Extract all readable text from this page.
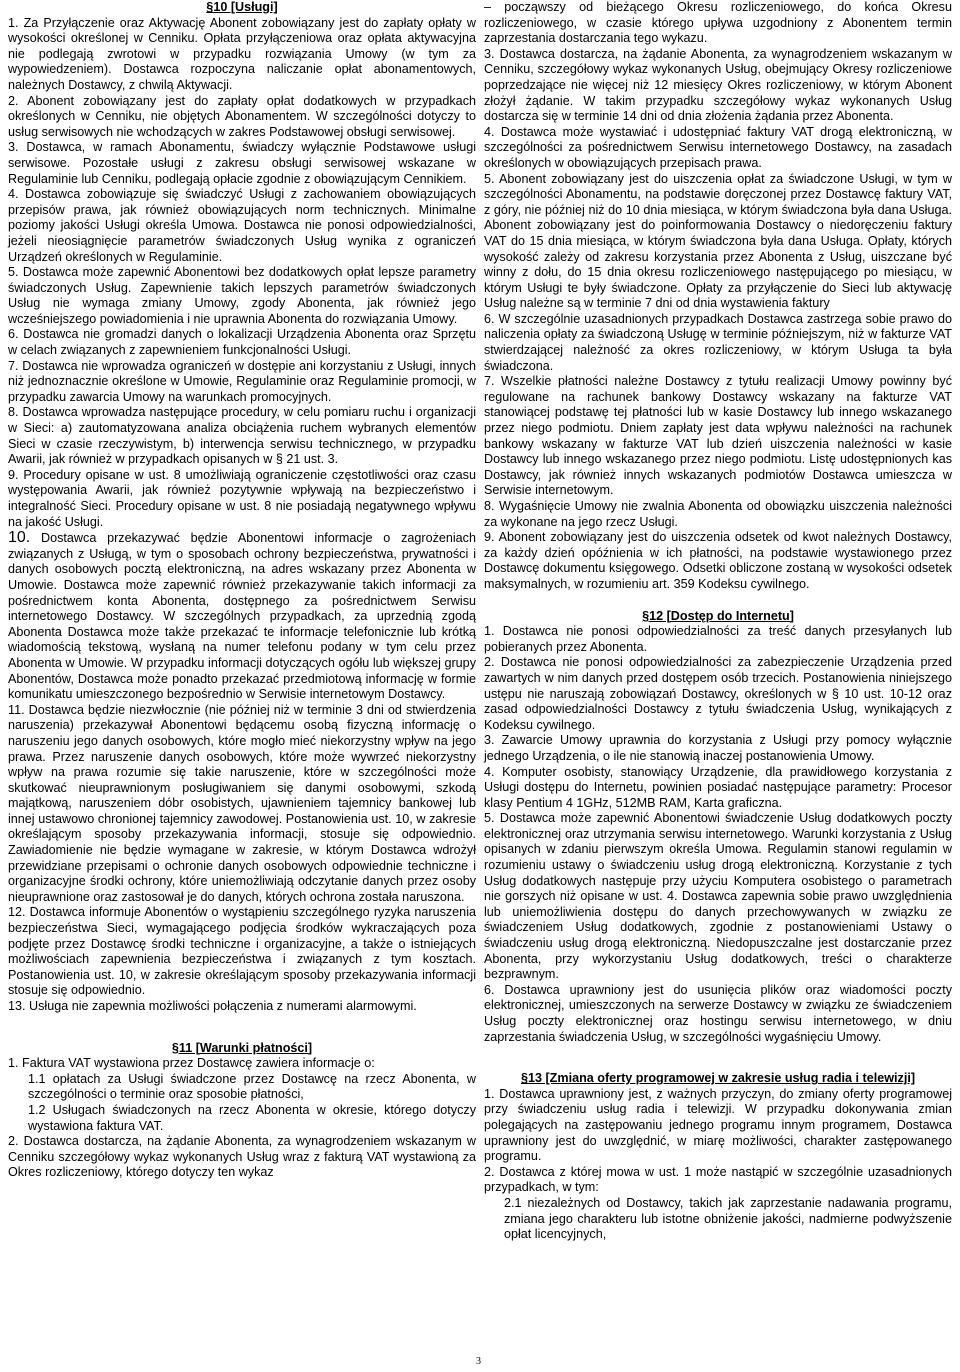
§10 [Usługi]

1. Za Przyłączenie oraz Aktywację Abonent zobowiązany jest do zapłaty opłaty w wysokości określonej w Cenniku. Opłata przyłączeniowa oraz opłata aktywacyjna nie podlegają zwrotowi w przypadku rozwiązania Umowy (w tym za wypowiedzeniem). Dostawca rozpoczyna naliczanie opłat abonamentowych, należnych Dostawcy, z chwilą Aktywacji.

2. Abonent zobowiązany jest do zapłaty opłat dodatkowych w przypadkach określonych w Cenniku, nie objętych Abonamentem. W szczególności dotyczy to usług serwisowych nie wchodzących w zakres Podstawowej obsługi serwisowej.

3. Dostawca, w ramach Abonamentu, świadczy wyłącznie Podstawowe usługi serwisowe. Pozostałe usługi z zakresu obsługi serwisowej wskazane w Regulaminie lub Cenniku, podlegają opłacie zgodnie z obowiązującym Cennikiem.

4. Dostawca zobowiązuje się świadczyć Usługi z zachowaniem obowiązujących przepisów prawa, jak również obowiązujących norm technicznych. Minimalne poziomy jakości Usługi określa Umowa. Dostawca nie ponosi odpowiedzialności, jeżeli nieosiągnięcie parametrów świadczonych Usług wynika z ograniczeń Urządzeń określonych w Regulaminie.

5. Dostawca może zapewnić Abonentowi bez dodatkowych opłat lepsze parametry świadczonych Usług. Zapewnienie takich lepszych parametrów świadczonych Usług nie wymaga zmiany Umowy, zgody Abonenta, jak również jego wcześniejszego powiadomienia i nie uprawnia Abonenta do rozwiązania Umowy.

6. Dostawca nie gromadzi danych o lokalizacji Urządzenia Abonenta oraz Sprzętu w celach związanych z zapewnieniem funkcjonalności Usługi.

7. Dostawca nie wprowadza ograniczeń w dostępie ani korzystaniu z Usługi, innych niż jednoznacznie określone w Umowie, Regulaminie oraz Regulaminie promocji, w przypadku zawarcia Umowy na warunkach promocyjnych.

8. Dostawca wprowadza następujące procedury, w celu pomiaru ruchu i organizacji w Sieci: a) zautomatyzowana analiza obciążenia ruchem wybranych elementów Sieci w czasie rzeczywistym, b) interwencja serwisu technicznego, w przypadku Awarii, jak również w przypadkach opisanych w § 21 ust. 3.

9. Procedury opisane w ust. 8 umożliwiają ograniczenie częstotliwości oraz czasu występowania Awarii, jak również pozytywnie wpływają na bezpieczeństwo i integralność Sieci. Procedury opisane w ust. 8 nie posiadają negatywnego wpływu na jakość Usługi.

10. Dostawca przekazywać będzie Abonentowi informacje o zagrożeniach związanych z Usługą, w tym o sposobach ochrony bezpieczeństwa, prywatności i danych osobowych pocztą elektroniczną, na adres wskazany przez Abonenta w Umowie. Dostawca może zapewnić również przekazywanie takich informacji za pośrednictwem konta Abonenta, dostępnego za pośrednictwem Serwisu internetowego Dostawcy. W szczególnych przypadkach, za uprzednią zgodą Abonenta Dostawca może także przekazać te informacje telefonicznie lub krótką wiadomością tekstową, wysłaną na numer telefonu podany w tym celu przez Abonenta w Umowie. W przypadku informacji dotyczących ogółu lub większej grupy Abonentów, Dostawca może ponadto przekazać przedmiotową informację w formie komunikatu umieszczonego bezpośrednio w Serwisie internetowym Dostawcy.

11. Dostawca będzie niezwłocznie (nie później niż w terminie 3 dni od stwierdzenia naruszenia) przekazywał Abonentowi będącemu osobą fizyczną informację o naruszeniu jego danych osobowych, które mogło mieć niekorzystny wpływ na jego prawa. Przez naruszenie danych osobowych, które może wywrzeć niekorzystny wpływ na prawa rozumie się takie naruszenie, które w szczególności może skutkować nieuprawnionym posługiwaniem się danymi osobowymi, szkodą majątkową, naruszeniem dóbr osobistych, ujawnieniem tajemnicy bankowej lub innej ustawowo chronionej tajemnicy zawodowej. Postanowienia ust. 10, w zakresie określającym sposoby przekazywania informacji, stosuje się odpowiednio. Zawiadomienie nie będzie wymagane w zakresie, w którym Dostawca wdrożył przewidziane przepisami o ochronie danych osobowych odpowiednie techniczne i organizacyjne środki ochrony, które uniemożliwiają odczytanie danych przez osoby nieuprawnione oraz zastosował je do danych, których ochrona została naruszona.

12. Dostawca informuje Abonentów o wystąpieniu szczególnego ryzyka naruszenia bezpieczeństwa Sieci, wymagającego podjęcia środków wykraczających poza podjęte przez Dostawcę środki techniczne i organizacyjne, a także o istniejących możliwościach zapewnienia bezpieczeństwa i związanych z tym kosztach. Postanowienia ust. 10, w zakresie określającym sposoby przekazywania informacji stosuje się odpowiednio.

13. Usługa nie zapewnia możliwości połączenia z numerami alarmowymi.

§11 [Warunki płatności]

1. Faktura VAT wystawiona przez Dostawcę zawiera informacje o:

1.1 opłatach za Usługi świadczone przez Dostawcę na rzecz Abonenta, w szczególności o terminie oraz sposobie płatności,

1.2 Usługach świadczonych na rzecz Abonenta w okresie, którego dotyczy wystawiona faktura VAT.

2. Dostawca dostarcza, na żądanie Abonenta, za wynagrodzeniem wskazanym w Cenniku szczegółowy wykaz wykonanych Usług wraz z fakturą VAT wystawioną za Okres rozliczeniowy, którego dotyczy ten wykaz

– począwszy od bieżącego Okresu rozliczeniowego, do końca Okresu rozliczeniowego, w czasie którego upływa uzgodniony z Abonentem termin zaprzestania dostarczania tego wykazu.

3. Dostawca dostarcza, na żądanie Abonenta, za wynagrodzeniem wskazanym w Cenniku, szczegółowy wykaz wykonanych Usług, obejmujący Okresy rozliczeniowe poprzedzające nie więcej niż 12 miesięcy Okres rozliczeniowy, w którym Abonent złożył żądanie. W takim przypadku szczegółowy wykaz wykonanych Usług dostarcza się w terminie 14 dni od dnia złożenia żądania przez Abonenta.

4. Dostawca może wystawiać i udostępniać faktury VAT drogą elektroniczną, w szczególności za pośrednictwem Serwisu internetowego Dostawcy, na zasadach określonych w obowiązujących przepisach prawa.

5. Abonent zobowiązany jest do uiszczenia opłat za świadczone Usługi, w tym w szczególności Abonamentu, na podstawie doręczonej przez Dostawcę faktury VAT, z góry, nie później niż do 10 dnia miesiąca, w którym świadczona była dana Usługa. Abonent zobowiązany jest do poinformowania Dostawcy o niedoręczeniu faktury VAT do 15 dnia miesiąca, w którym świadczona była dana Usługa. Opłaty, których wysokość zależy od zakresu korzystania przez Abonenta z Usług, uiszczane być winny z dołu, do 15 dnia okresu rozliczeniowego następującego po miesiącu, w którym Usługi te były świadczone. Opłaty za przyłączenie do Sieci lub aktywację Usług należne są w terminie 7 dni od dnia wystawienia faktury

6. W szczególnie uzasadnionych przypadkach Dostawca zastrzega sobie prawo do naliczenia opłaty za świadczoną Usługę w terminie późniejszym, niż w fakturze VAT stwierdzającej należność za okres rozliczeniowy, w którym Usługa ta była świadczona.

7. Wszelkie płatności należne Dostawcy z tytułu realizacji Umowy powinny być regulowane na rachunek bankowy Dostawcy wskazany na fakturze VAT stanowiącej podstawę tej płatności lub w kasie Dostawcy lub innego wskazanego przez niego podmiotu. Dniem zapłaty jest data wpływu należności na rachunek bankowy wskazany w fakturze VAT lub dzień uiszczenia należności w kasie Dostawcy lub innego wskazanego przez niego podmiotu. Listę udostępnionych kas Dostawcy, jak również innych wskazanych podmiotów Dostawca umieszcza w Serwisie internetowym.

8. Wygaśnięcie Umowy nie zwalnia Abonenta od obowiązku uiszczenia należności za wykonane na jego rzecz Usługi.

9. Abonent zobowiązany jest do uiszczenia odsetek od kwot należnych Dostawcy, za każdy dzień opóźnienia w ich płatności, na podstawie wystawionego przez Dostawcę dokumentu księgowego. Odsetki obliczone zostaną w wysokości odsetek maksymalnych, w rozumieniu art. 359 Kodeksu cywilnego.

§12 [Dostęp do Internetu]

1. Dostawca nie ponosi odpowiedzialności za treść danych przesyłanych lub pobieranych przez Abonenta.

2. Dostawca nie ponosi odpowiedzialności za zabezpieczenie Urządzenia przed zawartych w nim danych przed dostępem osób trzecich. Postanowienia niniejszego ustępu nie naruszają zobowiązań Dostawcy, określonych w § 10 ust. 10-12 oraz zasad odpowiedzialności Dostawcy z tytułu świadczenia Usług, wynikających z Kodeksu cywilnego.

3. Zawarcie Umowy uprawnia do korzystania z Usługi przy pomocy wyłącznie jednego Urządzenia, o ile nie stanowią inaczej postanowienia Umowy.

4. Komputer osobisty, stanowiący Urządzenie, dla prawidłowego korzystania z Usługi dostępu do Internetu, powinien posiadać następujące parametry: Procesor klasy Pentium 4 1GHz, 512MB RAM, Karta graficzna.

5. Dostawca może zapewnić Abonentowi świadczenie Usług dodatkowych poczty elektronicznej oraz utrzymania serwisu internetowego. Warunki korzystania z Usług opisanych w zdaniu pierwszym określa Umowa. Regulamin stanowi regulamin w rozumieniu ustawy o świadczeniu usług drogą elektroniczną. Korzystanie z tych Usług dodatkowych następuje przy użyciu Komputera osobistego o parametrach nie gorszych niż opisane w ust. 4. Dostawca zapewnia sobie prawo uwzględnienia lub uniemożliwienia dostępu do danych przechowywanych w związku ze świadczeniem Usług dodatkowych, zgodnie z postanowieniami Ustawy o świadczeniu usług drogą elektroniczną. Niedopuszczalne jest dostarczanie przez Abonenta, przy wykorzystaniu Usług dodatkowych, treści o charakterze bezprawnym.

6. Dostawca uprawniony jest do usunięcia plików oraz wiadomości poczty elektronicznej, umieszczonych na serwerze Dostawcy w związku ze świadczeniem Usług poczty elektronicznej oraz hostingu serwisu internetowego, w dniu zaprzestania świadczenia Usług, w szczególności wygaśnięciu Umowy.

§13 [Zmiana oferty programowej w zakresie usług radia i telewizji]

1. Dostawca uprawniony jest, z ważnych przyczyn, do zmiany oferty programowej przy świadczeniu usług radia i telewizji. W przypadku dokonywania zmian polegających na zastępowaniu jednego programu innym programem, Dostawca uprawniony jest do uwzględnić, w miarę możliwości, charakter zastępowanego programu.

2. Dostawca z której mowa w ust. 1 może nastąpić w szczególnie uzasadnionych przypadkach, w tym:

2.1 niezależnych od Dostawcy, takich jak zaprzestanie nadawania programu, zmiana jego charakteru lub istotne obniżenie jakości, nadmierne podwyższenie opłat licencyjnych,

3
